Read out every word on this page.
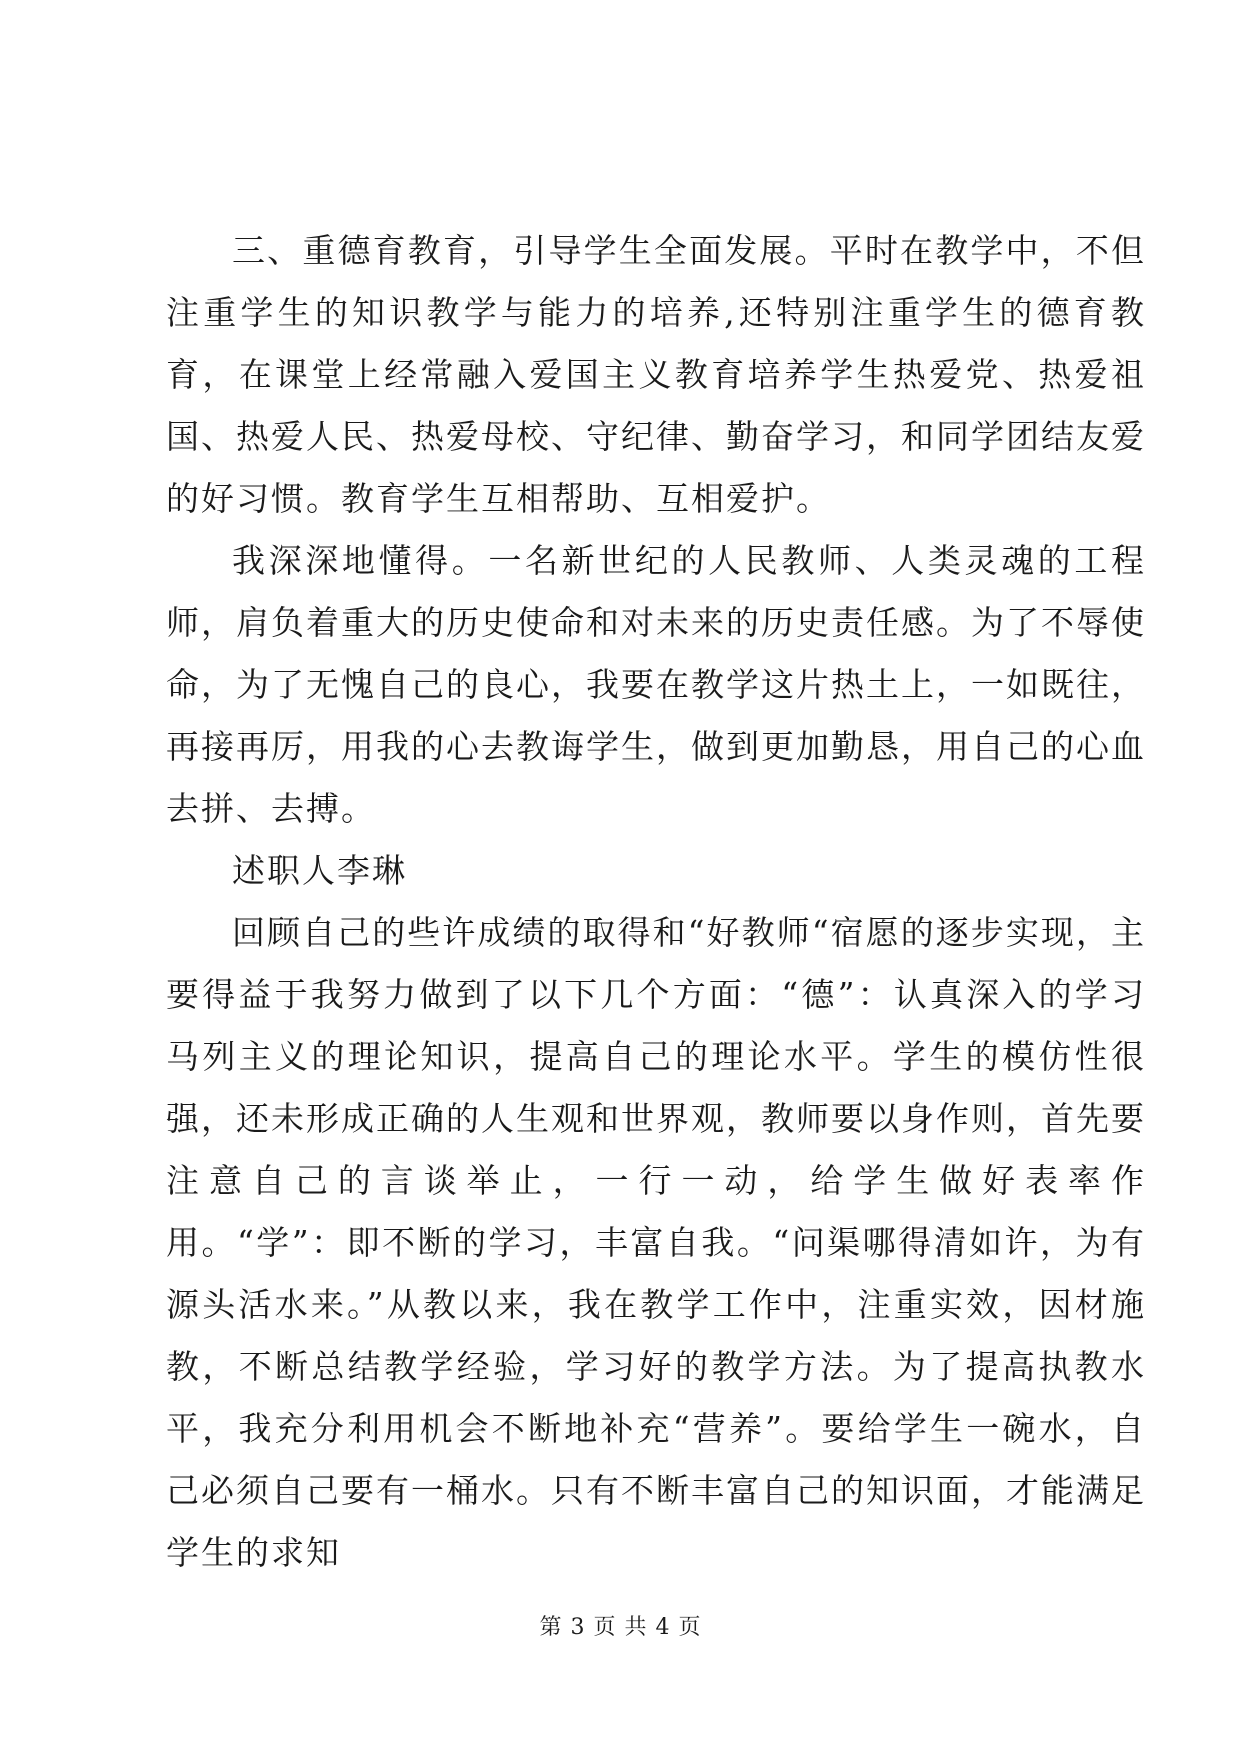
三、重德育教育，引导学生全面发展。平时在教学中，不但注重学生的知识教学与能力的培养,还特别注重学生的德育教育，在课堂上经常融入爱国主义教育培养学生热爱党、热爱祖国、热爱人民、热爱母校、守纪律、勤奋学习，和同学团结友爱的好习惯。教育学生互相帮助、互相爱护。

我深深地懂得。一名新世纪的人民教师、人类灵魂的工程师，肩负着重大的历史使命和对未来的历史责任感。为了不辱使命，为了无愧自己的良心，我要在教学这片热土上，一如既往，再接再厉，用我的心去教诲学生，做到更加勤恳，用自己的心血去拼、去搏。

述职人李琳

回顾自己的些许成绩的取得和“好教师“宿愿的逐步实现，主要得益于我努力做到了以下几个方面：“德”：认真深入的学习马列主义的理论知识，提高自己的理论水平。学生的模仿性很强，还未形成正确的人生观和世界观，教师要以身作则，首先要注意自己的言谈举止，一行一动，给学生做好表率作用。“学”：即不断的学习，丰富自我。“问渠哪得清如许，为有源头活水来。”从教以来，我在教学工作中，注重实效，因材施教，不断总结教学经验，学习好的教学方法。为了提高执教水平，我充分利用机会不断地补充“营养”。要给学生一碗水，自己必须自己要有一桶水。只有不断丰富自己的知识面，才能满足学生的求知

第 3 页 共 4 页
